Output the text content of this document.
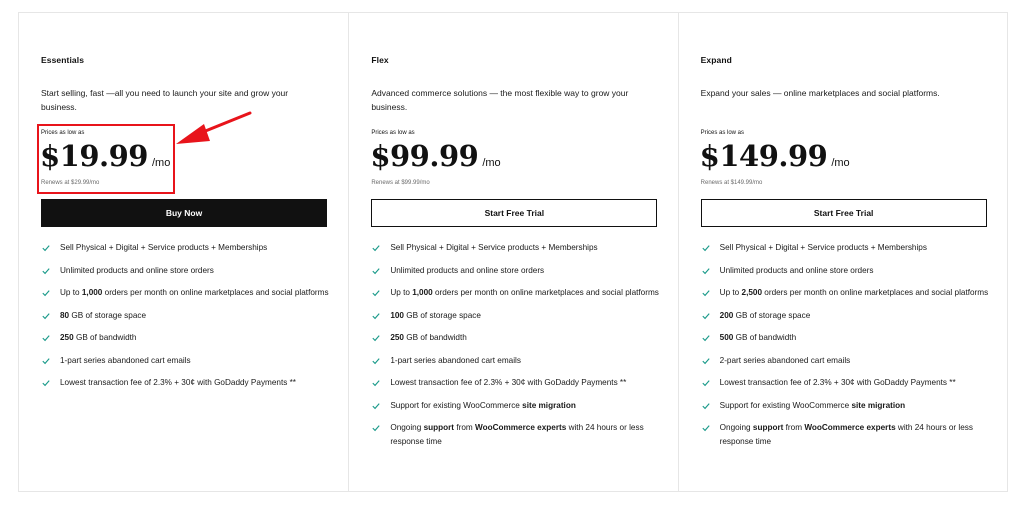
Essentials
Start selling, fast —all you need to launch your site and grow your business.
Prices as low as
$19.99 /mo
Renews at $29.99/mo
Buy Now
Sell Physical + Digital + Service products + Memberships
Unlimited products and online store orders
Up to 1,000 orders per month on online marketplaces and social platforms
80 GB of storage space
250 GB of bandwidth
1-part series abandoned cart emails
Lowest transaction fee of 2.3% + 30¢ with GoDaddy Payments **
Flex
Advanced commerce solutions — the most flexible way to grow your business.
Prices as low as
$99.99 /mo
Renews at $99.99/mo
Start Free Trial
Sell Physical + Digital + Service products + Memberships
Unlimited products and online store orders
Up to 1,000 orders per month on online marketplaces and social platforms
100 GB of storage space
250 GB of bandwidth
1-part series abandoned cart emails
Lowest transaction fee of 2.3% + 30¢ with GoDaddy Payments **
Support for existing WooCommerce site migration
Ongoing support from WooCommerce experts with 24 hours or less response time
Expand
Expand your sales — online marketplaces and social platforms.
Prices as low as
$149.99 /mo
Renews at $149.99/mo
Start Free Trial
Sell Physical + Digital + Service products + Memberships
Unlimited products and online store orders
Up to 2,500 orders per month on online marketplaces and social platforms
200 GB of storage space
500 GB of bandwidth
2-part series abandoned cart emails
Lowest transaction fee of 2.3% + 30¢ with GoDaddy Payments **
Support for existing WooCommerce site migration
Ongoing support from WooCommerce experts with 24 hours or less response time
